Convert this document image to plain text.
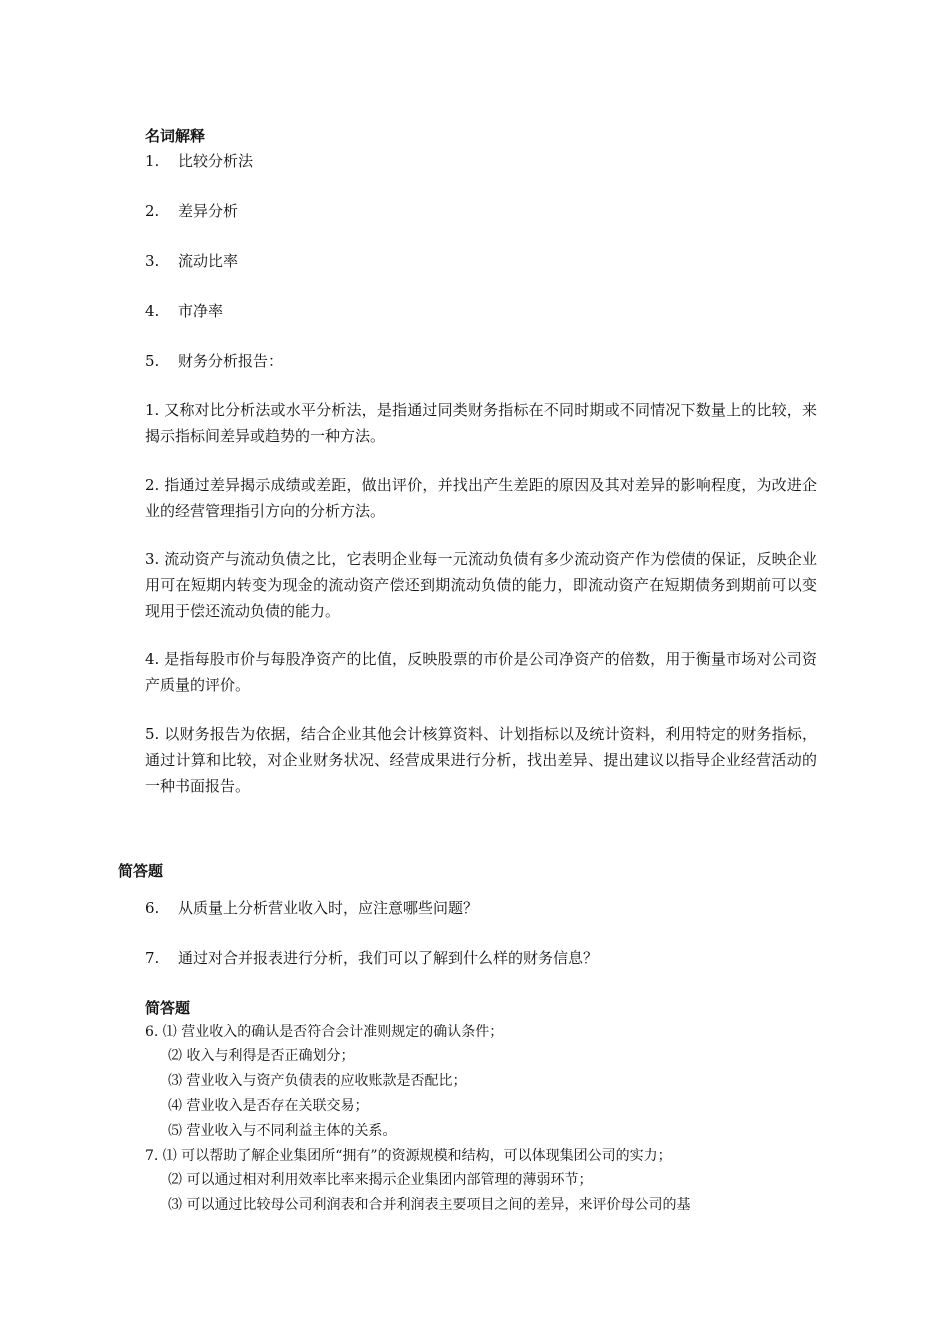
名词解释
1. 比较分析法
2. 差异分析
3. 流动比率
4. 市净率
5. 财务分析报告：
1. 又称对比分析法或水平分析法，是指通过同类财务指标在不同时期或不同情况下数量上的比较，来揭示指标间差异或趋势的一种方法。
2. 指通过差异揭示成绩或差距，做出评价，并找出产生差距的原因及其对差异的影响程度，为改进企业的经营管理指引方向的分析方法。
3. 流动资产与流动负债之比，它表明企业每一元流动负债有多少流动资产作为偿债的保证，反映企业用可在短期内转变为现金的流动资产偿还到期流动负债的能力，即流动资产在短期债务到期前可以变现用于偿还流动负债的能力。
4. 是指每股市价与每股净资产的比值，反映股票的市价是公司净资产的倍数，用于衡量市场对公司资产质量的评价。
5. 以财务报告为依据，结合企业其他会计核算资料、计划指标以及统计资料，利用特定的财务指标，通过计算和比较，对企业财务状况、经营成果进行分析，找出差异、提出建议以指导企业经营活动的一种书面报告。
简答题
6. 从质量上分析营业收入时，应注意哪些问题？
7. 通过对合并报表进行分析，我们可以了解到什么样的财务信息？
简答题
6. ⑴ 营业收入的确认是否符合会计准则规定的确认条件；
⑵ 收入与利得是否正确划分；
⑶ 营业收入与资产负债表的应收账款是否配比；
⑷ 营业收入是否存在关联交易；
⑸ 营业收入与不同利益主体的关系。
7. ⑴ 可以帮助了解企业集团所“拥有”的资源规模和结构，可以体现集团公司的实力；
⑵ 可以通过相对利用效率比率来揭示企业集团内部管理的薄弱环节；
⑶ 可以通过比较母公司利润表和合并利润表主要项目之间的差异，来评价母公司的基
